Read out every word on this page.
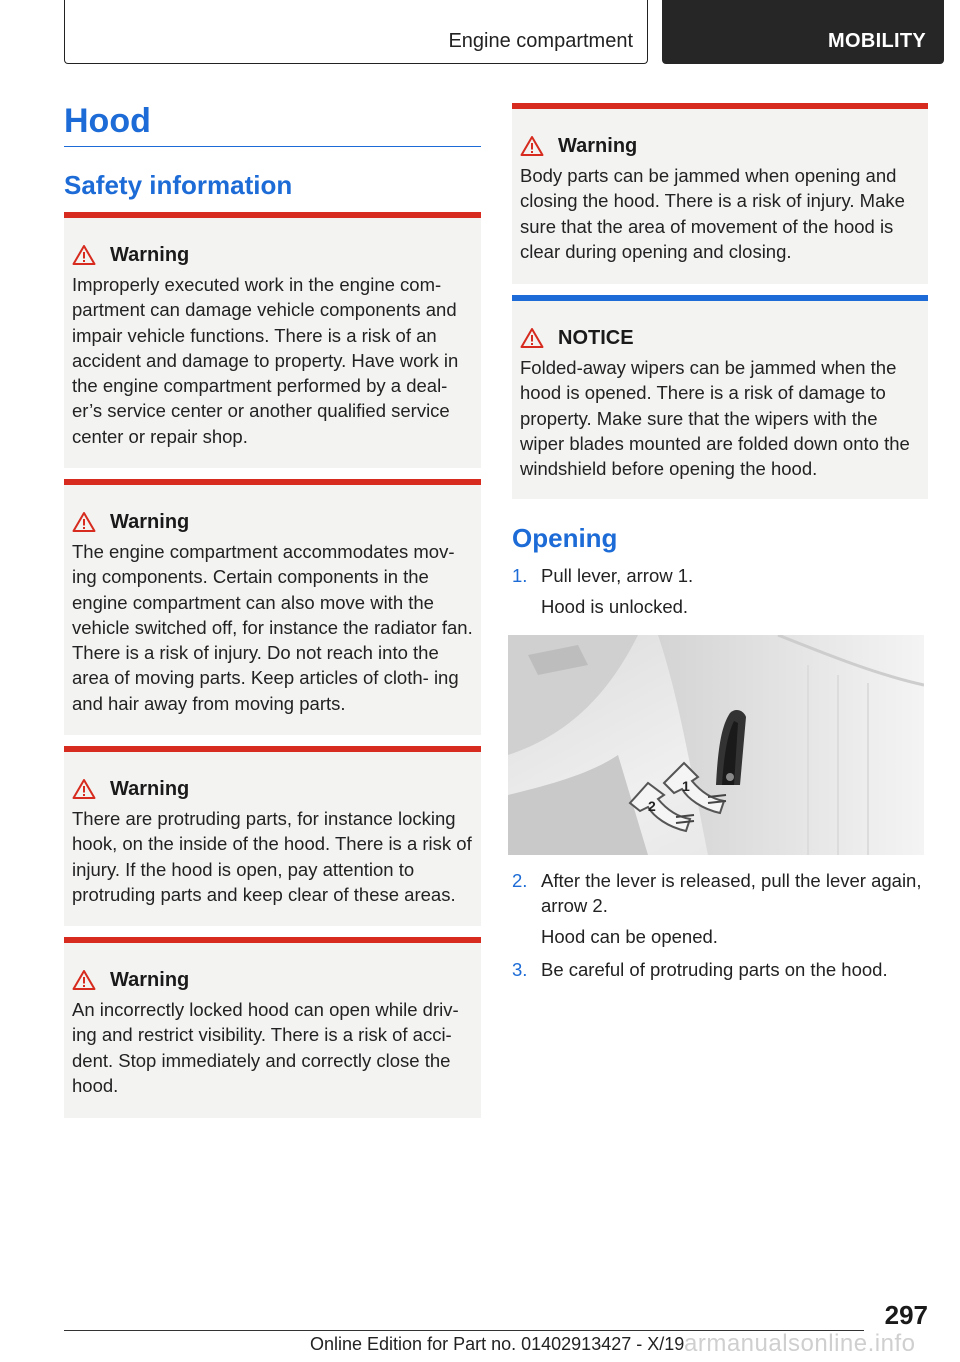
Engine compartment	MOBILITY
Hood
Safety information
Warning

Improperly executed work in the engine com‐ partment can damage vehicle components and impair vehicle functions. There is a risk of an accident and damage to property. Have work in the engine compartment performed by a deal‐ er’s service center or another qualified service center or repair shop.

Warning

The engine compartment accommodates mov‐ ing components. Certain components in the engine compartment can also move with the vehicle switched off, for instance the radiator fan. There is a risk of injury. Do not reach into the area of moving parts. Keep articles of cloth‐ ing and hair away from moving parts.

Warning

There are protruding parts, for instance locking hook, on the inside of the hood. There is a risk of injury. If the hood is open, pay attention to protruding parts and keep clear of these areas.

Warning

An incorrectly locked hood can open while driv‐ ing and restrict visibility. There is a risk of acci‐ dent. Stop immediately and correctly close the hood.

Warning

Body parts can be jammed when opening and closing the hood. There is a risk of injury. Make sure that the area of movement of the hood is clear during opening and closing.

NOTICE

Folded-away wipers can be jammed when the hood is opened. There is a risk of damage to property. Make sure that the wipers with the wiper blades mounted are folded down onto the windshield before opening the hood.

Opening
1. Pull lever, arrow 1.
Hood is unlocked.
2
1
2. After the lever is released, pull the lever again, arrow 2.
Hood can be opened.
3. Be careful of protruding parts on the hood.
297
Online Edition for Part no. 01402913427 - X/19 armanualsonline.info
